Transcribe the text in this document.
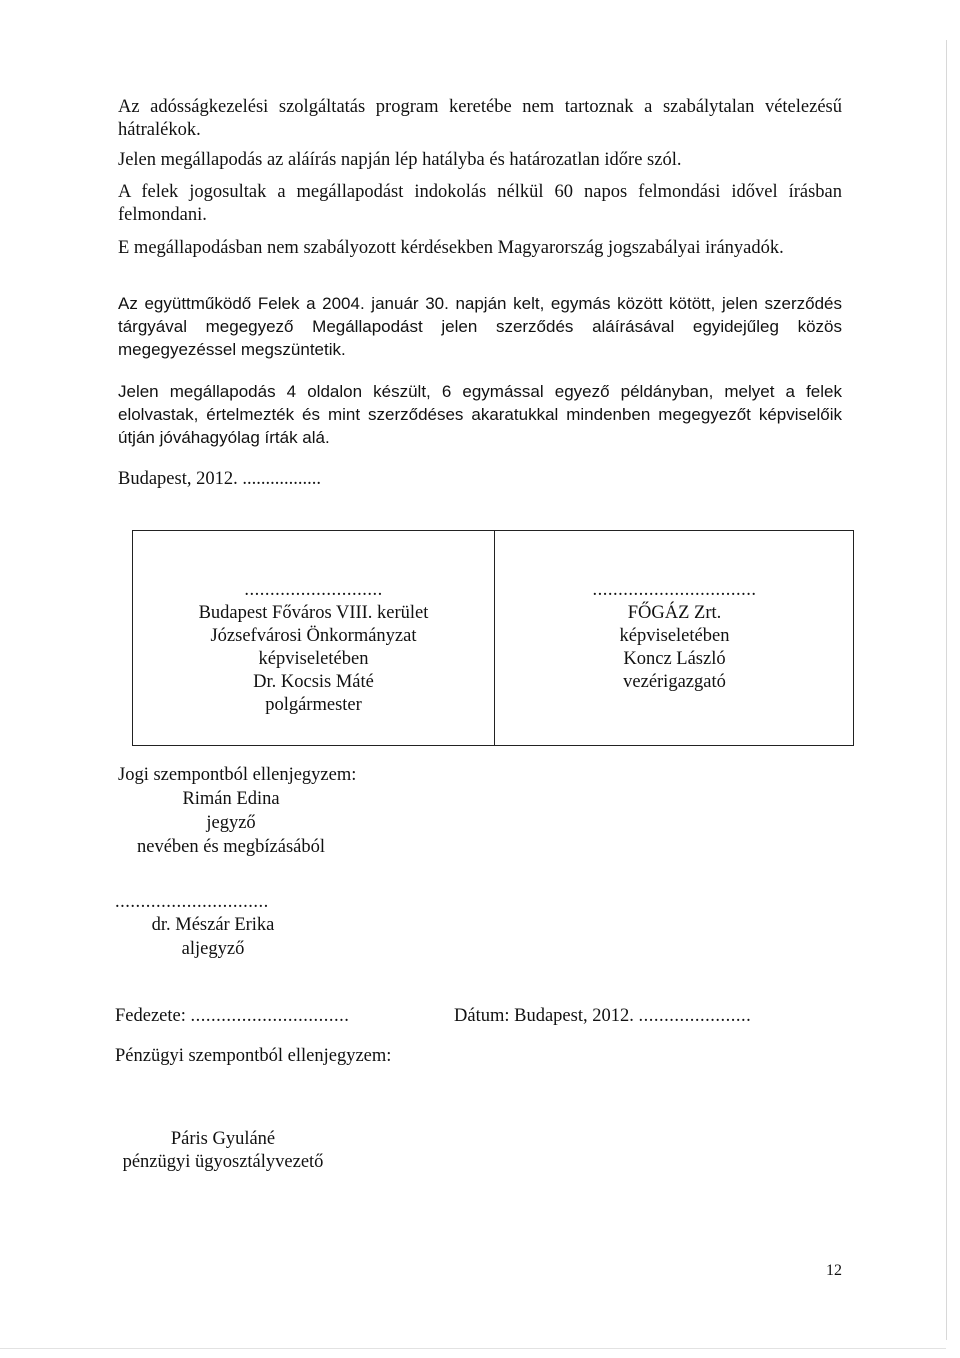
Az adósságkezelési szolgáltatás program keretébe nem tartoznak a szabálytalan vételezésű
hátralékok.
Jelen megállapodás az aláírás napján lép hatályba és határozatlan időre szól.
A felek jogosultak a megállapodást indokolás nélkül 60 napos felmondási idővel írásban
felmondani.
E megállapodásban nem szabályozott kérdésekben Magyarország jogszabályai irányadók.
Az együttműködő Felek a 2004. január 30. napján kelt, egymás között kötött, jelen szerződés
tárgyával megegyező Megállapodást jelen szerződés aláírásával egyidejűleg közös
megegyezéssel megszüntetik.
Jelen megállapodás 4 oldalon készült, 6 egymással egyező példányban, melyet a felek
elolvastak, értelmezték és mint szerződéses akaratukkal mindenben megegyezőt képviselőik
útján jóváhagyólag írták alá.
Budapest, 2012. .................
...........................
Budapest Főváros VIII. kerület
Józsefvárosi Önkormányzat
képviseletében
Dr. Kocsis Máté
polgármester
................................
FŐGÁZ Zrt.
képviseletében
Koncz László
vezérigazgató
Jogi szempontból ellenjegyzem:
Rimán Edina
jegyző
nevében és megbízásából
..............................
dr. Mészár Erika
aljegyző
Fedezete: ...............................	Dátum: Budapest, 2012. ......................
Pénzügyi szempontból ellenjegyzem:
Páris Gyuláné
pénzügyi ügyosztályvezető
12
